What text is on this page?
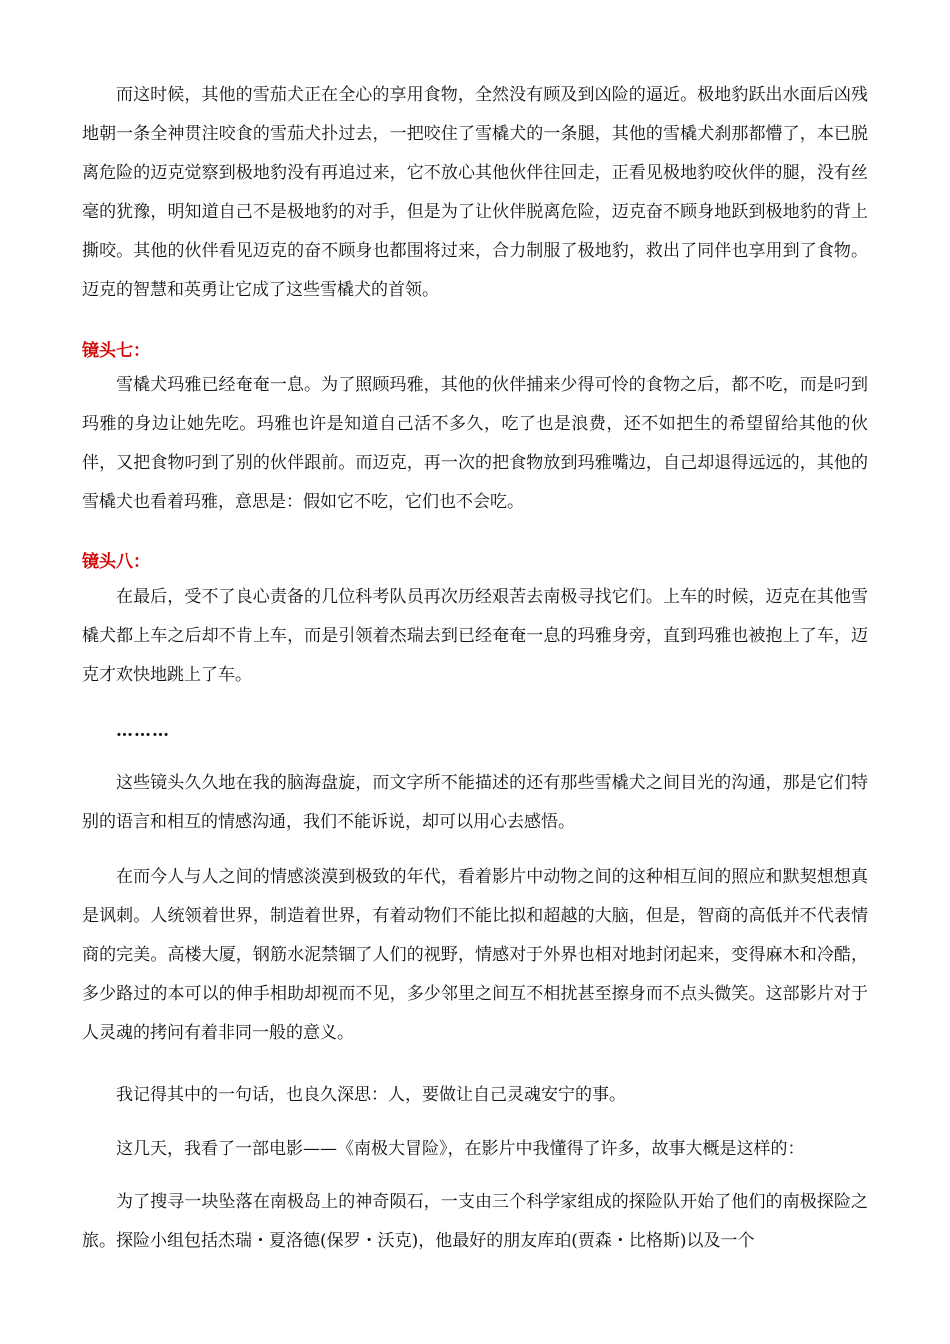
而这时候，其他的雪茄犬正在全心的享用食物，全然没有顾及到凶险的逼近。极地豹跃出水面后凶残地朝一条全神贯注咬食的雪茄犬扑过去，一把咬住了雪橇犬的一条腿，其他的雪橇犬刹那都懵了，本已脱离危险的迈克觉察到极地豹没有再追过来，它不放心其他伙伴往回走，正看见极地豹咬伙伴的腿，没有丝毫的犹豫，明知道自己不是极地豹的对手，但是为了让伙伴脱离危险，迈克奋不顾身地跃到极地豹的背上撕咬。其他的伙伴看见迈克的奋不顾身也都围将过来，合力制服了极地豹，救出了同伴也享用到了食物。迈克的智慧和英勇让它成了这些雪橇犬的首领。

镜头七：

雪橇犬玛雅已经奄奄一息。为了照顾玛雅，其他的伙伴捕来少得可怜的食物之后，都不吃，而是叼到玛雅的身边让她先吃。玛雅也许是知道自己活不多久，吃了也是浪费，还不如把生的希望留给其他的伙伴，又把食物叼到了别的伙伴跟前。而迈克，再一次的把食物放到玛雅嘴边，自己却退得远远的，其他的雪橇犬也看着玛雅，意思是：假如它不吃，它们也不会吃。

镜头八：

在最后，受不了良心责备的几位科考队员再次历经艰苦去南极寻找它们。上车的时候，迈克在其他雪橇犬都上车之后却不肯上车，而是引领着杰瑞去到已经奄奄一息的玛雅身旁，直到玛雅也被抱上了车，迈克才欢快地跳上了车。

………

这些镜头久久地在我的脑海盘旋，而文字所不能描述的还有那些雪橇犬之间目光的沟通，那是它们特别的语言和相互的情感沟通，我们不能诉说，却可以用心去感悟。

在而今人与人之间的情感淡漠到极致的年代，看着影片中动物之间的这种相互间的照应和默契想想真是讽刺。人统领着世界，制造着世界，有着动物们不能比拟和超越的大脑，但是，智商的高低并不代表情商的完美。高楼大厦，钢筋水泥禁锢了人们的视野，情感对于外界也相对地封闭起来，变得麻木和冷酷，多少路过的本可以的伸手相助却视而不见，多少邻里之间互不相扰甚至擦身而不点头微笑。这部影片对于人灵魂的拷问有着非同一般的意义。

我记得其中的一句话，也良久深思：人，要做让自己灵魂安宁的事。

这几天，我看了一部电影——《南极大冒险》，在影片中我懂得了许多，故事大概是这样的：

为了搜寻一块坠落在南极岛上的神奇陨石，一支由三个科学家组成的探险队开始了他们的南极探险之旅。探险小组包括杰瑞・夏洛德(保罗・沃克)，他最好的朋友库珀(贾森・比格斯)以及一个
